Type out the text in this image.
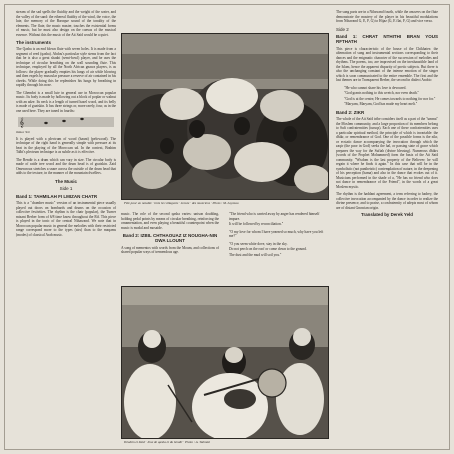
stream of the sad spells the fluidity and the weight of the water, and the valley of the sand: the ethereal fluidity of the wind, the voice, the lute, the memory of the Baroque sound of the tonality of the elements. The flute, the music master, touches the existential forms of music, but he must also design on the canvas of the musical essence. Without this the music of the Ait Saïd would be a quiet.

The instruments

The Qasba is an end blown flute with seven holes. It is made from a segment of reed (qasba). Abdou's particular style stems from the fact that he is also a great shaabi (semi-bowl) player, and he uses the technique of circular breathing on the wall sounding flute. This technique, employed by all the North African gnawa players, is as follows: the player gradually empties his lungs of air while blowing and then expels by muscular pressure a reserve of air contained in his cheeks. While doing this he replenishes his lungs by breathing in rapidly through his nose.

The Ghembri is a small lute in general use in Moroccan popular music. Its body is made by hollowing out a block of poplar or walnut with an adze. Its neck is a length of turned hazel wood, and its belly is made of goatskin. It has three strings or, more rarely, four, as in the one used here. They are tuned in fourths:

𝄞
minor 3rd

It is played with a plectrum of wood (haunt) (pelowood). The technique of the right hand is generally simple with pressure at its beat in the playing of the Moroccan ud. In the context, Brahim Talbi's plectrum technique is as subtle as it is effective.

The Bendir is a drum which can vary in size. The circular body is made of rattle tree wood and the drum head is of goatskin. Zaid Omeraroux stretches a snare across the outside of the drum head that adds to the texture, in the manner of the mountain dwellers.

The Music
Side 1
Band 1: TAHMILAH FI LMIZAN CHATR

This is a "chamber music" version of an instrumental piece usually played out doors on bombards and drums on the occasion of collective festivities. The rhythm is the chatr (popular), the Turner mizani Berber form of 6/8 time know throughout the Rif. This piece is played in the tonic of the central Nihawand. We note that in Moroccan popular music in general the melodies with their restricted range correspond more to the types (airs) than to the maqams (modes) of classical Arab music.

Fête pour un notable · trois les villageois · écoute · des musiciens · Photo : M. Loyzeau

music. The role of the second qasba varies: unison doubling, holding pedal points by means of circular breathing, reinforcing the ornamentation, and even playing a beautiful counterpoint when the music is modal and mosaide.

Band 2: IZBIL CHTHAOUAZ IZ NOUGHA-NIN DWA LLOUNT

A song of mementos with words from the Moum, and collections of shared popular ways of tremendous age.

"The friend who is carried away by anger has rendered himself impure.

It will be followed by reconciliation."

"O my love for whom I have yearned so much, why have you left me?"

"O you seem white dove, stay in the sky.

Do not perch on the roof or come down to the ground.

The dust and the mud will soil you."

Ibrahim et Zaid · Jeux de qasba et du bendir · Photo : A. Tahmial

The sung parts are in a Nihavand fourth, while the answers on the flute demonstrate the mastery of the player in his beautiful modulations from Nihavand G, E, F, G) to Hijaz (G, E flat, F, G) and vice versa.

Side 2
Band 1: CHRAT NTHITHI BRAN YOUS RFTHATH

This piece is characteristic of the house of the Chikhates: the alternation of sung and instrumental sections corresponding to their dances and the enigmatic character of the succession of melodies and rhythms. The poems, too, are improvised on the inexhaustible land of the Islam, hence the apparent disparity of poetic subjects. But there is also the unchanging constant of the intense emotion of the singer which is soon communicated to the entire ensemble. The first and the last themes are in Transparent Berber, the second in dialect Arabic:

"He who cannot share his love is devoured.

"God grants nothing to this wretch, nor even death."

"God is at the centre, He comes towards to nothing for nor for."

"Maryam, Maryam, God has made my heart melt."

Band 2: ZIKR

The whole of the Ait Saïd tribe considers itself as a part of the "umma" the Moslem community, and a large proportion of its members belong to Sufi confraternities (turuqs). Each one of these confraternities uses a particular spiritual method, the principle of which is invariable: the dhikr, or remembrance of God. One of the possible forms is the zikr, or ecstatic dance accompanying the invocation through which the zaqir (the poor in God) seeks the hal, or passing state of grace which prepares the way for the Sufiah (divine blessing). Numerous dhikrs (words of the Prophet Mohammed) form the basis of the Ait Saïd community. "Wisdom is the last property of the Believer; he will regain it where he finds it again." In this case that will be in the symbolistic (not pantheistic) contemplation of nature, in the deepening of his perception (hama) and also in the dance that evokes out of it. Musicians performed in the shade of a, "He has no friend who does not dance in remembrance of the Friend", in the words of a great Moslem mystic.

The rhythm is the haddani agreement, a term referring to hadrey, the collective invocation accompanied by the dance in order to realize the divine presence, and to praise, a confraternity of adepts most of whom are of distant Gnawian origin.

Translated by Derek Yeld
